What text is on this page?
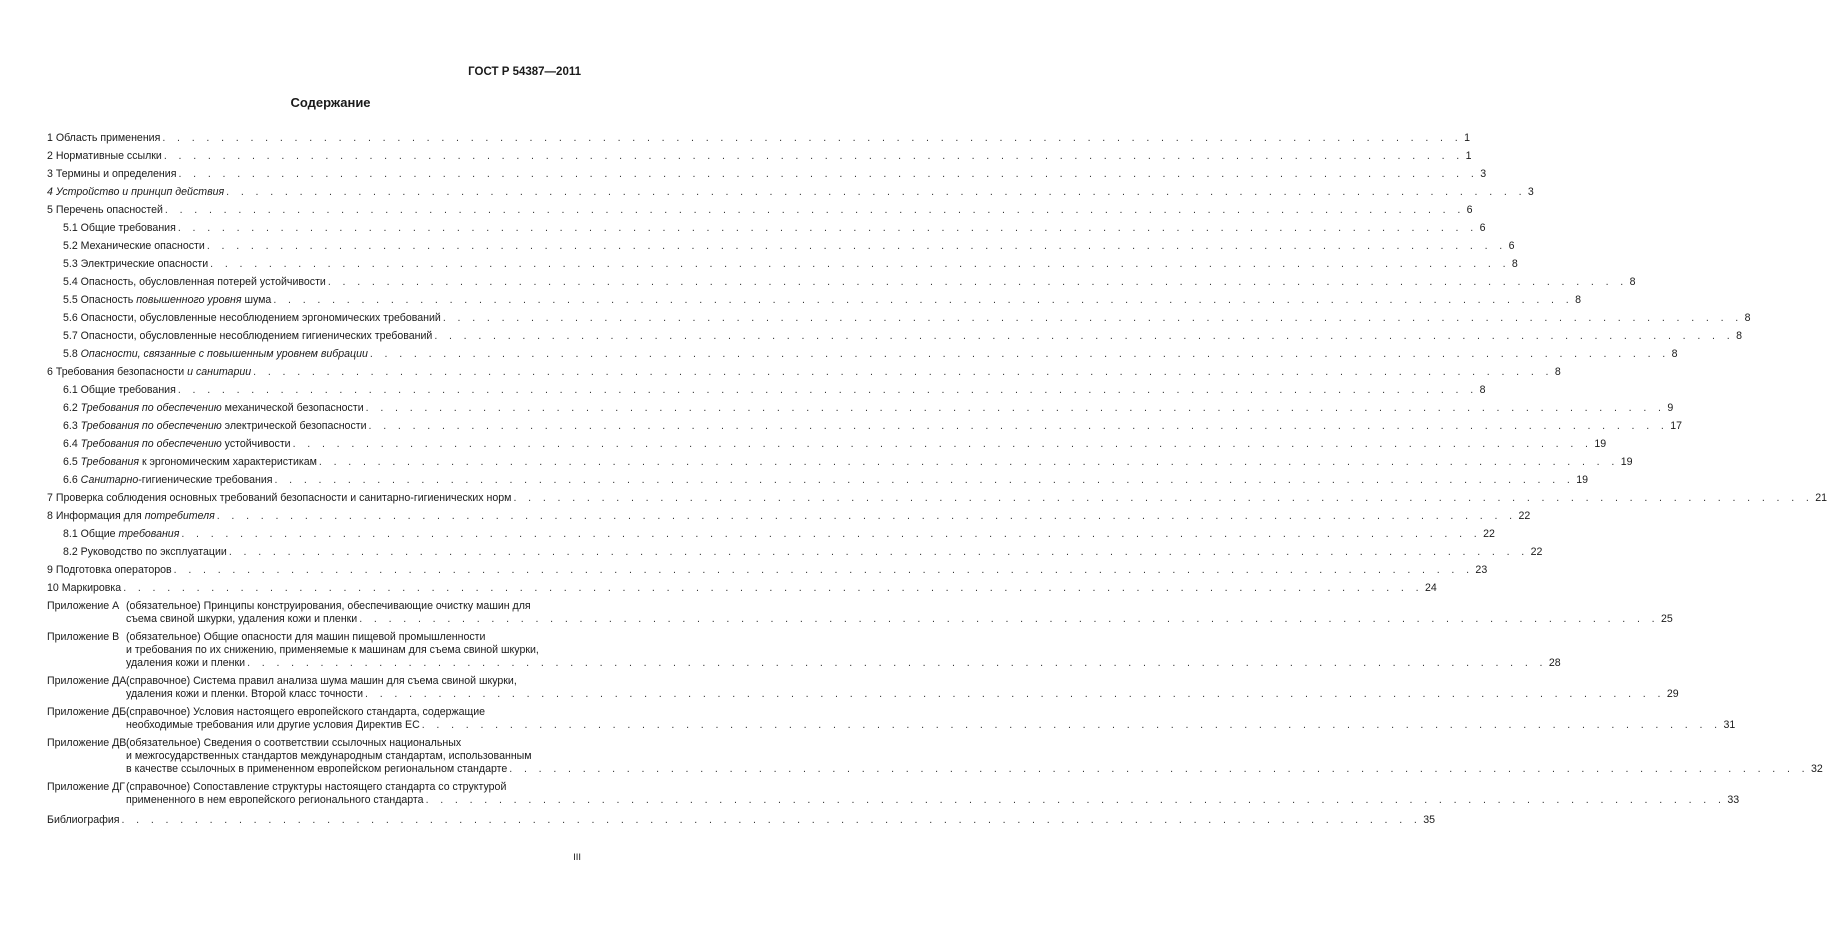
ГОСТ Р 54387—2011
Содержание
1 Область применения . . . . . . . . . . . . . . . . . . . . . . . . . . . . . . . . . . . . . . . . . . . . . . . . . . . . . . . . . . . . . . . . . . . . . . . . . . . . . . . . . . . . . . . . . 1
2 Нормативные ссылки . . . . . . . . . . . . . . . . . . . . . . . . . . . . . . . . . . . . . . . . . . . . . . . . . . . . . . . . . . . . . . . . . . . . . . . . . . . . . . . . . . . . . . . . . 1
3 Термины и определения . . . . . . . . . . . . . . . . . . . . . . . . . . . . . . . . . . . . . . . . . . . . . . . . . . . . . . . . . . . . . . . . . . . . . . . . . . . . . . . . . . . . . . . . . 3
4 Устройство и принцип действия . . . . . . . . . . . . . . . . . . . . . . . . . . . . . . . . . . . . . . . . . . . . . . . . . . . . . . . . . . . . . . . . . . . . . . . . . . . . . . . . . . . . . . . . . 3
5 Перечень опасностей . . . . . . . . . . . . . . . . . . . . . . . . . . . . . . . . . . . . . . . . . . . . . . . . . . . . . . . . . . . . . . . . . . . . . . . . . . . . . . . . . . . . . . . . . 6
5.1 Общие требования . . . . . . . . . . . . . . . . . . . . . . . . . . . . . . . . . . . . . . . . . . . . . . . . . . . . . . . . . . . . . . . . . . . . . . . . . . . . . . . . . . . . . . . . . 6
5.2 Механические опасности . . . . . . . . . . . . . . . . . . . . . . . . . . . . . . . . . . . . . . . . . . . . . . . . . . . . . . . . . . . . . . . . . . . . . . . . . . . . . . . . . . . . . . . . . 6
5.3 Электрические опасности . . . . . . . . . . . . . . . . . . . . . . . . . . . . . . . . . . . . . . . . . . . . . . . . . . . . . . . . . . . . . . . . . . . . . . . . . . . . . . . . . . . . . . . . . 8
5.4 Опасность, обусловленная потерей устойчивости . . . . . . . . . . . . . . . . . . . . . . . . . . . . . . . . . . . . . . . . . . . . . . . . . . . . . . . . . . . . . . . . . . . . . . . . . . . . . . . . . . . . . . . . . 8
5.5 Опасность повышенного уровня шума . . . . . . . . . . . . . . . . . . . . . . . . . . . . . . . . . . . . . . . . . . . . . . . . . . . . . . . . . . . . . . . . . . . . . . . . . . . . . . . . . . . . . . . . . 8
5.6 Опасности, обусловленные несоблюдением эргономических требований . . . . . . . . . . . . . . . . . . . . . . . . . . . . . . . . . . . . . . . . . . . . . . . . . . . . . . . . . . . . . . . . . . . . . . . . . . . . . . . . . . . . . . . . . 8
5.7 Опасности, обусловленные несоблюдением гигиенических требований . . . . . . . . . . . . . . . . . . . . . . . . . . . . . . . . . . . . . . . . . . . . . . . . . . . . . . . . . . . . . . . . . . . . . . . . . . . . . . . . . . . . . . . . . 8
5.8 Опасности, связанные с повышенным уровнем вибрации . . . . . . . . . . . . . . . . . . . . . . . . . . . . . . . . . . . . . . . . . . . . . . . . . . . . . . . . . . . . . . . . . . . . . . . . . . . . . . . . . . . . . . . . . 8
6 Требования безопасности и санитарии . . . . . . . . . . . . . . . . . . . . . . . . . . . . . . . . . . . . . . . . . . . . . . . . . . . . . . . . . . . . . . . . . . . . . . . . . . . . . . . . . . . . . . . . . 8
6.1 Общие требования . . . . . . . . . . . . . . . . . . . . . . . . . . . . . . . . . . . . . . . . . . . . . . . . . . . . . . . . . . . . . . . . . . . . . . . . . . . . . . . . . . . . . . . . . 8
6.2 Требования по обеспечению механической безопасности . . . . . . . . . . . . . . . . . . . . . . . . . . . . . . . . . . . . . . . . . . . . . . . . . . . . . . . . . . . . . . . . . . . . . . . . . . . . . . . . . . . . . . . . . 9
6.3 Требования по обеспечению электрической безопасности . . . . . . . . . . . . . . . . . . . . . . . . . . . . . . . . . . . . . . . . . . . . . . . . . . . . . . . . . . . . . . . . . . . . . . . . . . . . . . . . . . . . . . . . . 17
6.4 Требования по обеспечению устойчивости . . . . . . . . . . . . . . . . . . . . . . . . . . . . . . . . . . . . . . . . . . . . . . . . . . . . . . . . . . . . . . . . . . . . . . . . . . . . . . . . . . . . . . . . . 19
6.5 Требования к эргономическим характеристикам . . . . . . . . . . . . . . . . . . . . . . . . . . . . . . . . . . . . . . . . . . . . . . . . . . . . . . . . . . . . . . . . . . . . . . . . . . . . . . . . . . . . . . . . . 19
6.6 Санитарно-гигиенические требования . . . . . . . . . . . . . . . . . . . . . . . . . . . . . . . . . . . . . . . . . . . . . . . . . . . . . . . . . . . . . . . . . . . . . . . . . . . . . . . . . . . . . . . . . 19
7 Проверка соблюдения основных требований безопасности и санитарно-гигиенических норм . . . . . . . . . . . . . . . . . . . . . . . . . . . . . . . . . . . . . . . . . . . . . . . . . . . . . . . . . . . . . . . . . . . . . . . . . . . . . . . . . . . . . . . . . 21
8 Информация для потребителя . . . . . . . . . . . . . . . . . . . . . . . . . . . . . . . . . . . . . . . . . . . . . . . . . . . . . . . . . . . . . . . . . . . . . . . . . . . . . . . . . . . . . . . . . 22
8.1 Общие требования . . . . . . . . . . . . . . . . . . . . . . . . . . . . . . . . . . . . . . . . . . . . . . . . . . . . . . . . . . . . . . . . . . . . . . . . . . . . . . . . . . . . . . . . . 22
8.2 Руководство по эксплуатации . . . . . . . . . . . . . . . . . . . . . . . . . . . . . . . . . . . . . . . . . . . . . . . . . . . . . . . . . . . . . . . . . . . . . . . . . . . . . . . . . . . . . . . . . 22
9 Подготовка операторов . . . . . . . . . . . . . . . . . . . . . . . . . . . . . . . . . . . . . . . . . . . . . . . . . . . . . . . . . . . . . . . . . . . . . . . . . . . . . . . . . . . . . . . . . 23
10 Маркировка . . . . . . . . . . . . . . . . . . . . . . . . . . . . . . . . . . . . . . . . . . . . . . . . . . . . . . . . . . . . . . . . . . . . . . . . . . . . . . . . . . . . . . . . . 24
Приложение А (обязательное) Принципы конструирования, обеспечивающие очистку машин для
съема свиной шкурки, удаления кожи и пленки . . . . . . . . . . . . . . . . . . . . . . . . . . . . . . . . . . . . . . . . . . . . . . . . . . . . . . . . . . . . . . . . . . . . . . . . . . . . . . . . . . . . . . . . . 25
Приложение В (обязательное) Общие опасности для машин пищевой промышленности
и требования по их снижению, применяемые к машинам для съема свиной шкурки,
удаления кожи и пленки . . . . . . . . . . . . . . . . . . . . . . . . . . . . . . . . . . . . . . . . . . . . . . . . . . . . . . . . . . . . . . . . . . . . . . . . . . . . . . . . . . . . . . . . . 28
Приложение ДА (справочное) Система правил анализа шума машин для съема свиной шкурки,
удаления кожи и пленки. Второй класс точности . . . . . . . . . . . . . . . . . . . . . . . . . . . . . . . . . . . . . . . . . . . . . . . . . . . . . . . . . . . . . . . . . . . . . . . . . . . . . . . . . . . . . . . . . 29
Приложение ДБ (справочное) Условия настоящего европейского стандарта, содержащие
необходимые требования или другие условия Директив ЕС . . . . . . . . . . . . . . . . . . . . . . . . . . . . . . . . . . . . . . . . . . . . . . . . . . . . . . . . . . . . . . . . . . . . . . . . . . . . . . . . . . . . . . . . . 31
Приложение ДВ (обязательное) Сведения о соответствии ссылочных национальных
и межгосударственных стандартов международным стандартам, использованным
в качестве ссылочных в примененном европейском региональном стандарте . . . . . . . . . . . . . . . . . . . . . . . . . . . . . . . . . . . . . . . . . . . . . . . . . . . . . . . . . . . . . . . . . . . . . . . . . . . . . . . . . . . . . . . . . 32
Приложение ДГ (справочное) Сопоставление структуры настоящего стандарта со структурой
примененного в нем европейского регионального стандарта . . . . . . . . . . . . . . . . . . . . . . . . . . . . . . . . . . . . . . . . . . . . . . . . . . . . . . . . . . . . . . . . . . . . . . . . . . . . . . . . . . . . . . . . . 33
Библиография . . . . . . . . . . . . . . . . . . . . . . . . . . . . . . . . . . . . . . . . . . . . . . . . . . . . . . . . . . . . . . . . . . . . . . . . . . . . . . . . . . . . . . . . . 35
III
